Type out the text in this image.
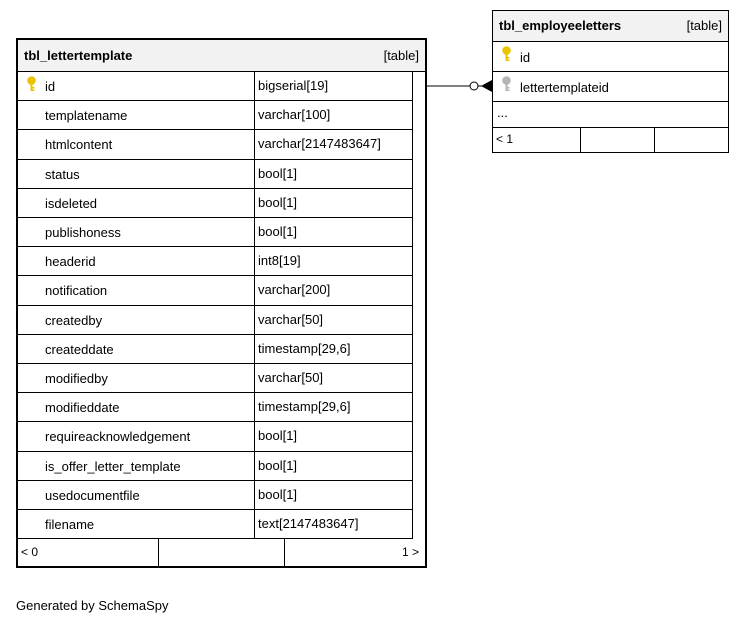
tbl_lettertemplate	[table]
id	bigserial[19]
templatename	varchar[100]
htmlcontent	varchar[2147483647]
status	bool[1]
isdeleted	bool[1]
publishoness	bool[1]
headerid	int8[19]
notification	varchar[200]
createdby	varchar[50]
createddate	timestamp[29,6]
modifiedby	varchar[50]
modifieddate	timestamp[29,6]
requireacknowledgement	bool[1]
is_offer_letter_template	bool[1]
usedocumentfile	bool[1]
filename	text[2147483647]
< 0	1 >
tbl_employeeletters	[table]
id
lettertemplateid
...
< 1
Generated by SchemaSpy
